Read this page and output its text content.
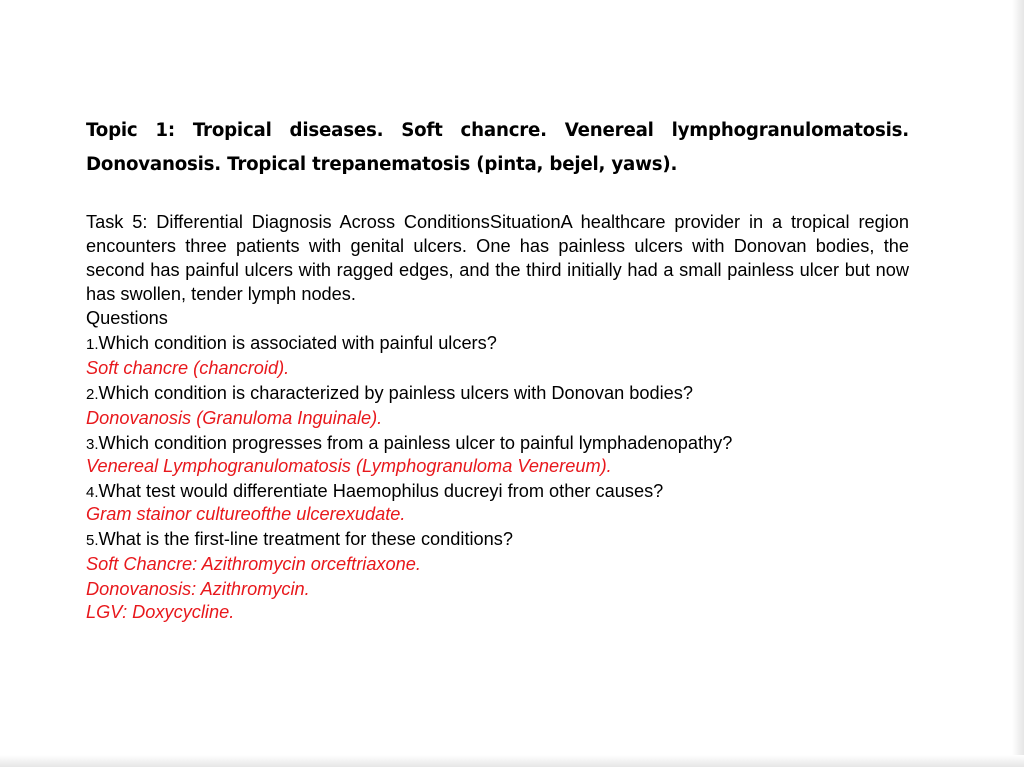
Topic 1: Tropical diseases. Soft chancre. Venereal lymphogranulomatosis. Donovanosis. Tropical trepanematosis (pinta, bejel, yaws).

Task 5: Differential Diagnosis Across ConditionsSituationA healthcare provider in a tropical region encounters three patients with genital ulcers. One has painless ulcers with Donovan bodies, the second has painful ulcers with ragged edges, and the third initially had a small painless ulcer but now has swollen, tender lymph nodes.

Questions
1.Which condition is associated with painful ulcers?
Soft chancre (chancroid).
2.Which condition is characterized by painless ulcers with Donovan bodies?
Donovanosis (Granuloma Inguinale).
3.Which condition progresses from a painless ulcer to painful lymphadenopathy?
Venereal Lymphogranulomatosis (Lymphogranuloma Venereum).
4.What test would differentiate Haemophilus ducreyi from other causes?
Gram stainor cultureofthe ulcerexudate.
5.What is the first-line treatment for these conditions?
Soft Chancre: Azithromycin orceftriaxone.
Donovanosis: Azithromycin.
LGV: Doxycycline.
